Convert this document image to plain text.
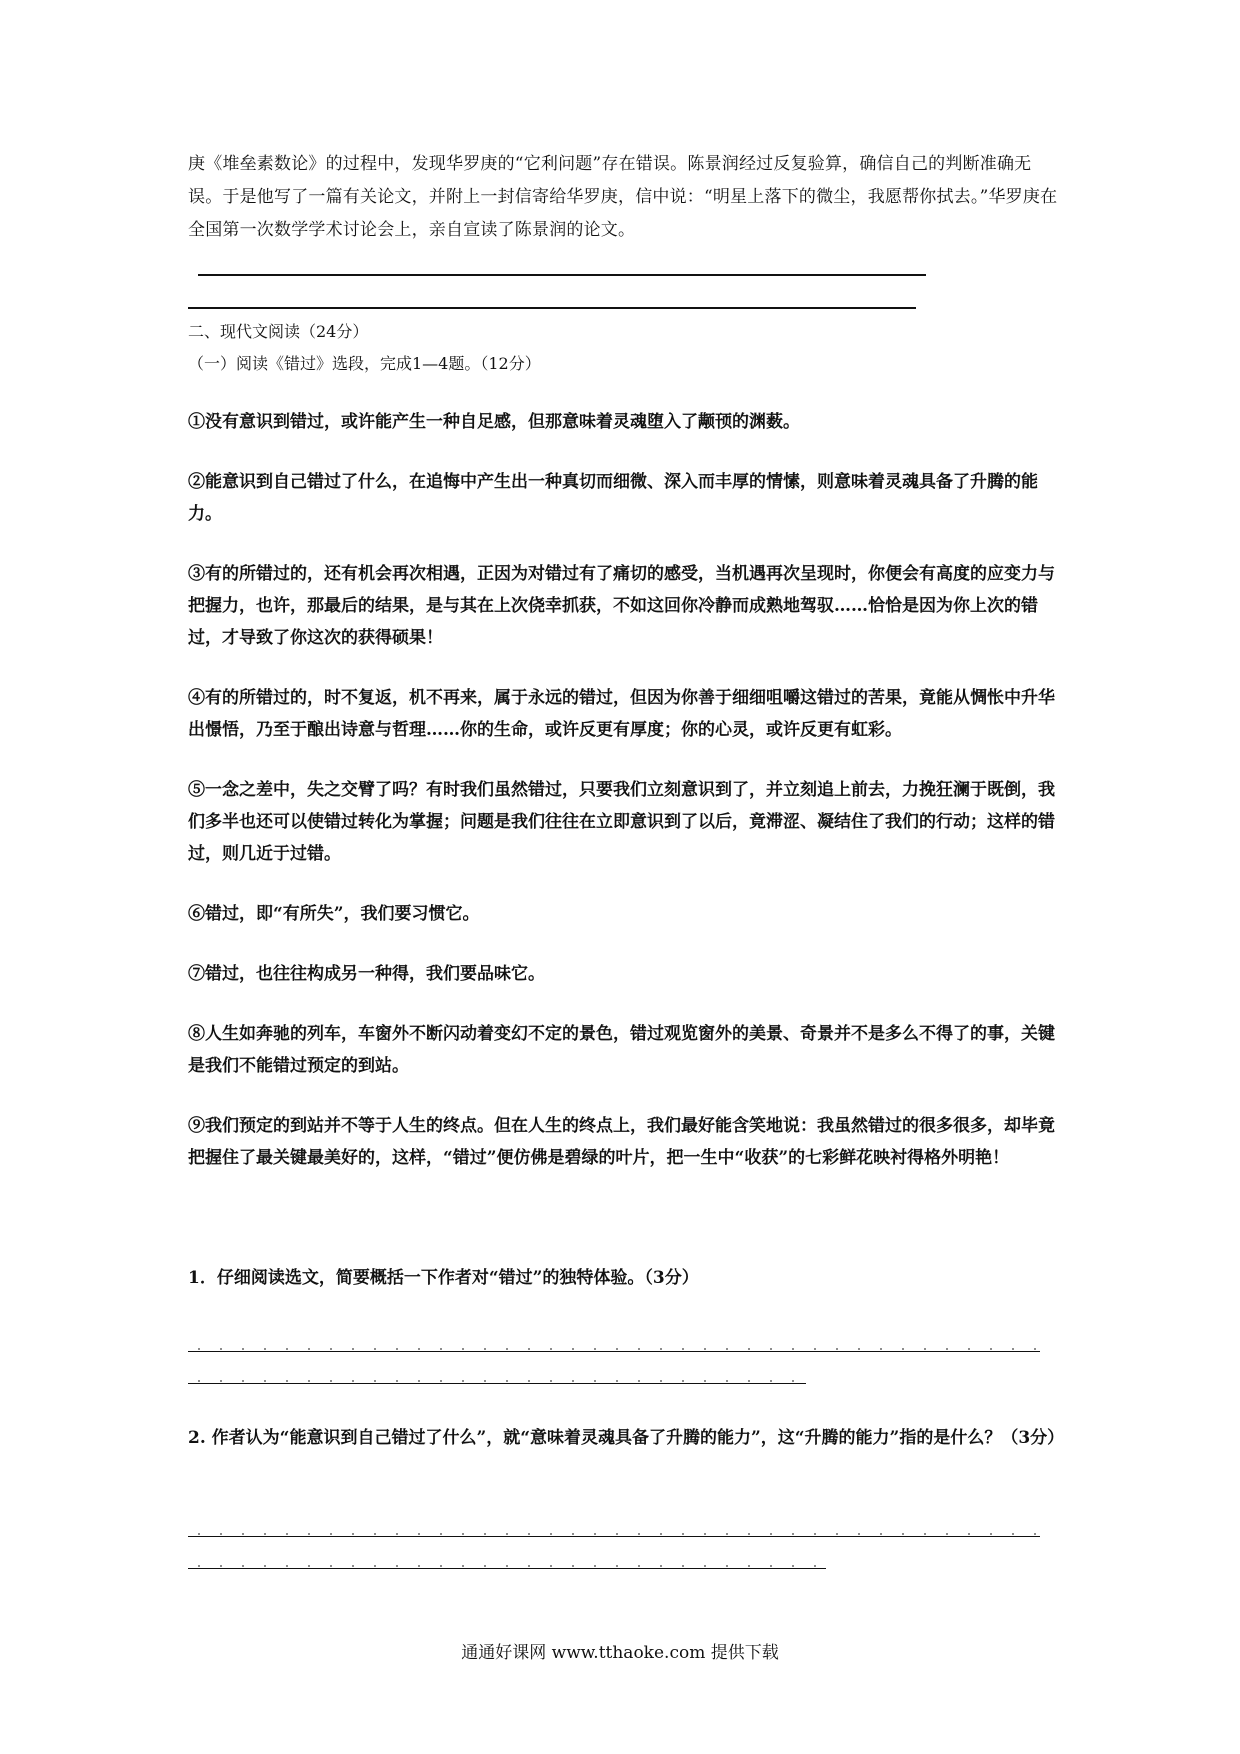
庚《堆垒素数论》的过程中，发现华罗庚的“它利问题”存在错误。陈景润经过反复验算，确信自己的判断准确无误。于是他写了一篇有关论文，并附上一封信寄给华罗庚，信中说：“明星上落下的微尘，我愿帮你拭去。”华罗庚在全国第一次数学学术讨论会上，亲自宣读了陈景润的论文。

二、现代文阅读（24分）
（一）阅读《错过》选段，完成1—4题。（12分）

①没有意识到错过，或许能产生一种自足感，但那意味着灵魂堕入了颟顸的渊薮。

②能意识到自己错过了什么，在追悔中产生出一种真切而细微、深入而丰厚的情愫，则意味着灵魂具备了升腾的能力。

③有的所错过的，还有机会再次相遇，正因为对错过有了痛切的感受，当机遇再次呈现时，你便会有高度的应变力与把握力，也许，那最后的结果，是与其在上次侥幸抓获，不如这回你冷静而成熟地驾驭……恰恰是因为你上次的错过，才导致了你这次的获得硕果！

④有的所错过的，时不复返，机不再来，属于永远的错过，但因为你善于细细咀嚼这错过的苦果，竟能从惆怅中升华出憬悟，乃至于酿出诗意与哲理……你的生命，或许反更有厚度；你的心灵，或许反更有虹彩。

⑤一念之差中，失之交臂了吗？有时我们虽然错过，只要我们立刻意识到了，并立刻追上前去，力挽狂澜于既倒，我们多半也还可以使错过转化为掌握；问题是我们往往在立即意识到了以后，竟滞涩、凝结住了我们的行动；这样的错过，则几近于过错。

⑥错过，即“有所失”，我们要习惯它。

⑦错过，也往往构成另一种得，我们要品味它。

⑧人生如奔驰的列车，车窗外不断闪动着变幻不定的景色，错过观览窗外的美景、奇景并不是多么不得了的事，关键是我们不能错过预定的到站。

⑨我们预定的到站并不等于人生的终点。但在人生的终点上，我们最好能含笑地说：我虽然错过的很多很多，却毕竟把握住了最关键最美好的，这样，“错过”便仿佛是碧绿的叶片，把一生中“收获”的七彩鲜花映衬得格外明艳！

1．仔细阅读选文，简要概括一下作者对“错过”的独特体验。（3分）
2. 作者认为“能意识到自己错过了什么”，就“意味着灵魂具备了升腾的能力”，这“升腾的能力”指的是什么？（3分）
通通好课网 www.tthaoke.com 提供下载
